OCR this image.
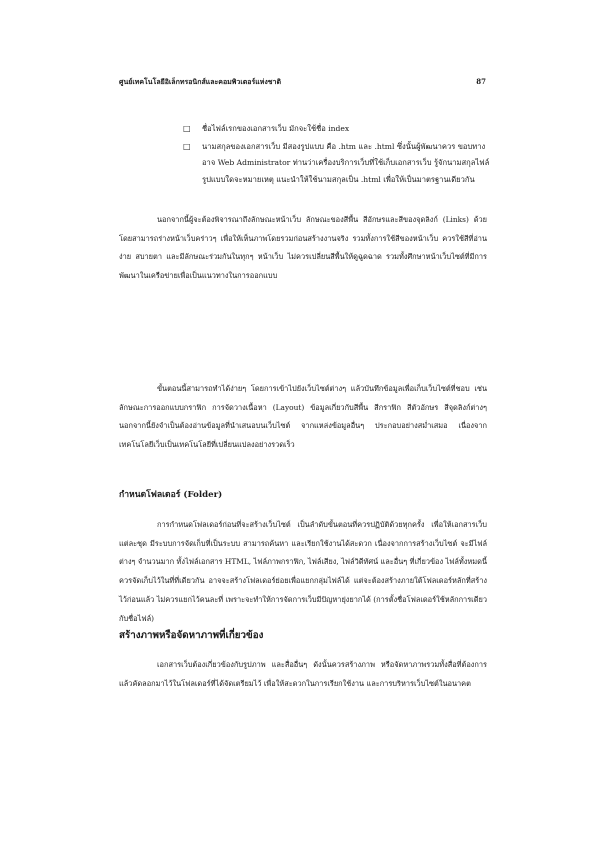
ศูนย์เทคโนโลยีอิเล็กทรอนิกส์และคอมพิวเตอร์แห่งชาติ	87
□	ชื่อไฟล์เรกของเอกสารเว็บ มักจะใช้ชื่อ index
□	นามสกุลของเอกสารเว็บ มีสองรูปแบบ คือ .htm และ .html ซึ่งนั้นผู้พัฒนาควร ขอบทางอาจ Web Administrator ท่านว่าเครื่องบริการเว็บที่ใช้เก็บเอกสารเว็บ รู้จักนามสกุลไฟล์รูปแบบใดจะหมายเหตุ แนะนำให้ใช้นามสกุลเป็น .html เพื่อให้เป็นมาตรฐานเดียวกัน

นอกจากนี้ผู้จะต้องพิจารณาถึงลักษณะหน้าเว็บ ลักษณะของสีพื้น สีอักษรและสีของจุดลิงก์ (Links) ด้วย โดยสามารถร่างหน้าเว็บคร่าวๆ เพื่อให้เห็นภาพโดยรวมก่อนสร้างงานจริง รวมทั้งการใช้สีของหน้าเว็บ ควรใช้สีที่อ่านง่าย สบายตา และมีลักษณะร่วมกันในทุกๆ หน้าเว็บ ไม่ควรเปลี่ยนสีพื้นให้ดูฉูดฉาด รวมทั้งศึกษาหน้าเว็บไซต์ที่มีการพัฒนาในเครือข่ายเพื่อเป็นแนวทางในการออกแบบ

ขั้นตอนนี้สามารถทำได้ง่ายๆ โดยการเข้าไปยังเว็บไซต์ต่างๆ แล้วบันทึกข้อมูลเพื่อเก็บเว็บไซต์ที่ชอบ เช่น ลักษณะการออกแบบกราฟิก การจัดวางเนื้อหา (Layout) ข้อมูลเกี่ยวกับสีพื้น สีกราฟิก สีตัวอักษร สีจุดลิงก์ต่างๆ นอกจากนี้ยังจำเป็นต้องอ่านข้อมูลที่นำเสนอบนเว็บไซต์ จากแหล่งข้อมูลอื่นๆ ประกอบอย่างสม่ำเสมอ เนื่องจากเทคโนโลยีเว็บเป็นเทคโนโลยีที่เปลี่ยนแปลงอย่างรวดเร็ว

กำหนดโฟลเดอร์ (Folder)

การกำหนดโฟลเดอร์ก่อนที่จะสร้างเว็บไซต์ เป็นลำดับขั้นตอนที่ควรปฏิบัติด้วยทุกครั้ง เพื่อให้เอกสารเว็บแต่ละชุด มีระบบการจัดเก็บที่เป็นระบบ สามารถค้นหา และเรียกใช้งานได้สะดวก เนื่องจากการสร้างเว็บไซต์ จะมีไฟล์ต่างๆ จำนวนมาก ทั้งไฟล์เอกสาร HTML, ไฟล์ภาพกราฟิก, ไฟล์เสียง, ไฟล์วิดีทัศน์ และอื่นๆ ที่เกี่ยวข้อง ไฟล์ทั้งหมดนี้ ควรจัดเก็บไว้ในที่ที่เดียวกัน อาจจะสร้างโฟลเดอร์ย่อยเพื่อแยกกลุ่มไฟล์ได้ แต่จะต้องสร้างภายใต้โฟลเดอร์หลักที่สร้างไว้ก่อนแล้ว ไม่ควรแยกไว้คนละที่ เพราะจะทำให้การจัดการเว็บมีปัญหายุ่งยากได้ (การตั้งชื่อโฟลเดอร์ใช้หลักการเดียวกับชื่อไฟล์)

สร้างภาพหรือจัดหาภาพที่เกี่ยวข้อง

เอกสารเว็บต้องเกี่ยวข้องกับรูปภาพ และสื่ออื่นๆ ดังนั้นควรสร้างภาพ หรือจัดหาภาพรวมทั้งสื่อที่ต้องการ แล้วคัดลอกมาไว้ในโฟลเดอร์ที่ได้จัดเตรียมไว้ เพื่อให้สะดวกในการเรียกใช้งาน และการบริหารเว็บไซต์ในอนาคต
